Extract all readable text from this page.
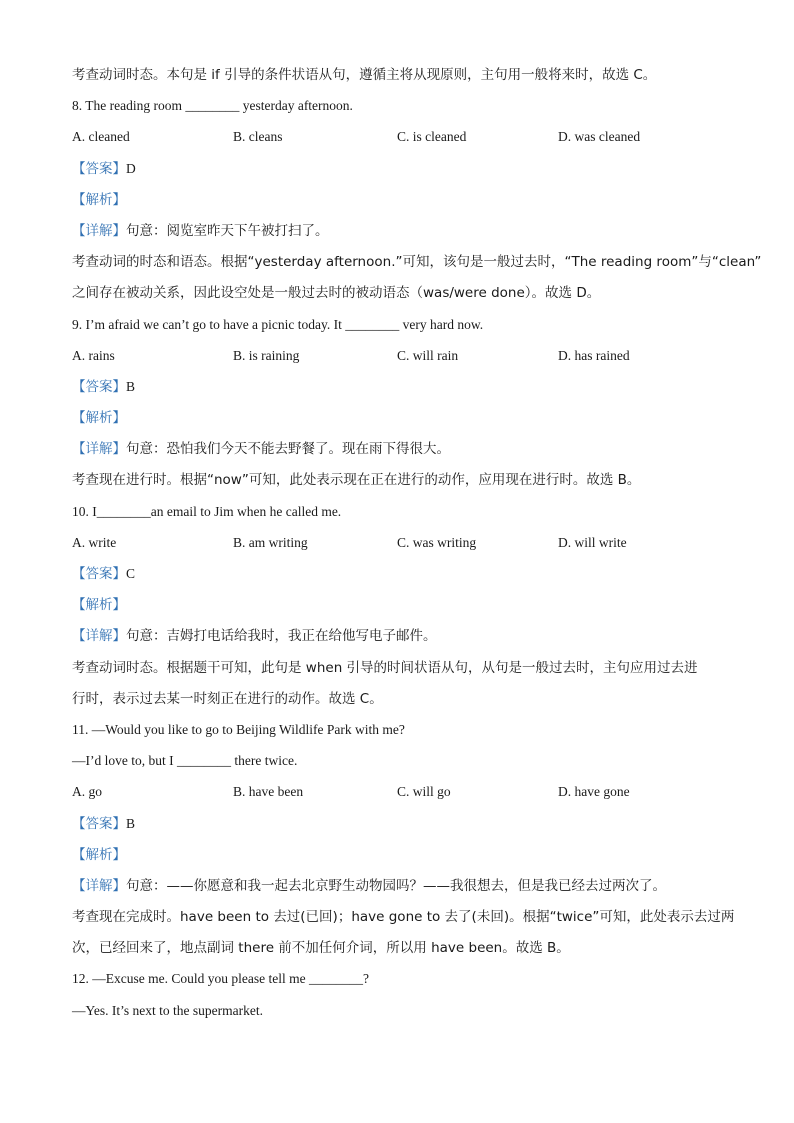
考查动词时态。本句是 if 引导的条件状语从句，遵循主将从现原则，主句用一般将来时，故选 C。
8. The reading room ________ yesterday afternoon.
A. cleaned	B. cleans	C. is cleaned	D. was cleaned
【答案】D
【解析】
【详解】句意：阅览室昨天下午被打扫了。
考查动词的时态和语态。根据“yesterday afternoon.”可知，该句是一般过去时，“The reading room”与“clean”
之间存在被动关系，因此设空处是一般过去时的被动语态（was/were done）。故选 D。
9. I’m afraid we can’t go to have a picnic today. It ________ very hard now.
A. rains	B. is raining	C. will rain	D. has rained
【答案】B
【解析】
【详解】句意：恐怕我们今天不能去野餐了。现在雨下得很大。
考查现在进行时。根据“now”可知，此处表示现在正在进行的动作，应用现在进行时。故选 B。
10. I________an email to Jim when he called me.
A. write	B. am writing	C. was writing	D. will write
【答案】C
【解析】
【详解】句意：吉姆打电话给我时，我正在给他写电子邮件。
考查动词时态。根据题干可知，此句是 when 引导的时间状语从句，从句是一般过去时，主句应用过去进
行时，表示过去某一时刻正在进行的动作。故选 C。
11. —Would you like to go to Beijing Wildlife Park with me?
—I’d love to, but I ________ there twice.
A. go	B. have been	C. will go	D. have gone
【答案】B
【解析】
【详解】句意：——你愿意和我一起去北京野生动物园吗？——我很想去，但是我已经去过两次了。
考查现在完成时。have been to 去过(已回)；have gone to 去了(未回)。根据“twice”可知，此处表示去过两
次，已经回来了，地点副词 there 前不加任何介词，所以用 have been。故选 B。
12. —Excuse me. Could you please tell me ________?
—Yes. It’s next to the supermarket.
